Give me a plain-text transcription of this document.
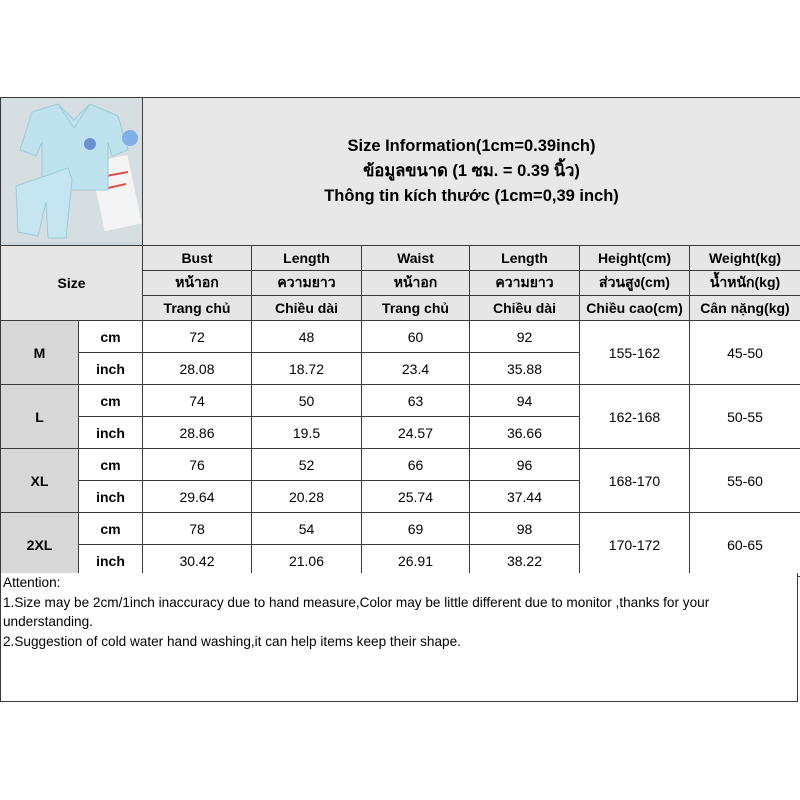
Size Information(1cm=0.39inch)
ข้อมูลขนาด (1 ซม. = 0.39 นิ้ว)
Thông tin kích thước (1cm=0,39 inch)					

Size		Bust	Length	Waist	Length	Height(cm)	Weight(kg)
		หน้าอก	ความยาว	หน้าอก	ความยาว	ส่วนสูง(cm)	น้ำหนัก(kg)
		Trang chủ	Chiều dài	Trang chủ	Chiều dài	Chiều cao(cm)	Cân nặng(kg)
M	cm	72	48	60	92	155-162	45-50
	inch	28.08	18.72	23.4	35.88		
L	cm	74	50	63	94	162-168	50-55
	inch	28.86	19.5	24.57	36.66		
XL	cm	76	52	66	96	168-170	55-60
	inch	29.64	20.28	25.74	37.44		
2XL	cm	78	54	69	98	170-172	60-65
	inch	30.42	21.06	26.91	38.22		

Attention:

1.Size may be 2cm/1inch inaccuracy due to hand measure,Color may be little different due to monitor ,thanks for your understanding.

2.Suggestion of cold water hand washing,it can help items keep their shape.
